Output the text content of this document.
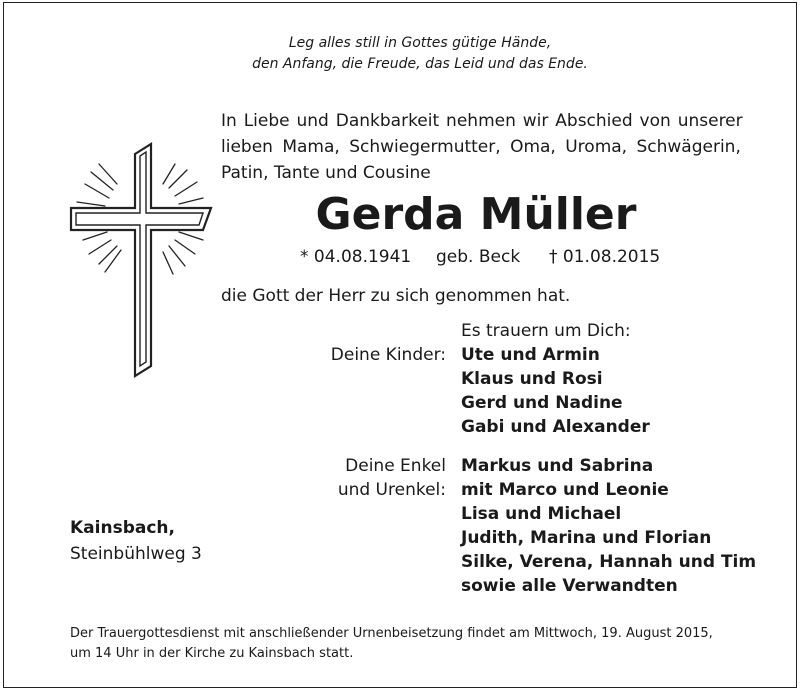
Leg alles still in Gottes gütige Hände,
den Anfang, die Freude, das Leid und das Ende.
In Liebe und Dankbarkeit nehmen wir Abschied von unserer
lieben Mama, Schwiegermutter, Oma, Uroma, Schwägerin,
Patin, Tante und Cousine
Gerda Müller
* 04.08.1941 geb. Beck † 01.08.2015
die Gott der Herr zu sich genommen hat.
Es trauern um Dich:
Deine Kinder: Ute und Armin
Klaus und Rosi
Gerd und Nadine
Gabi und Alexander
Deine Enkel
und Urenkel:
Markus und Sabrina
mit Marco und Leonie
Lisa und Michael
Judith, Marina und Florian
Silke, Verena, Hannah und Tim
sowie alle Verwandten
Kainsbach,
Steinbühlweg 3
Der Trauergottesdienst mit anschließender Urnenbeisetzung findet am Mittwoch, 19. August 2015,
um 14 Uhr in der Kirche zu Kainsbach statt.
